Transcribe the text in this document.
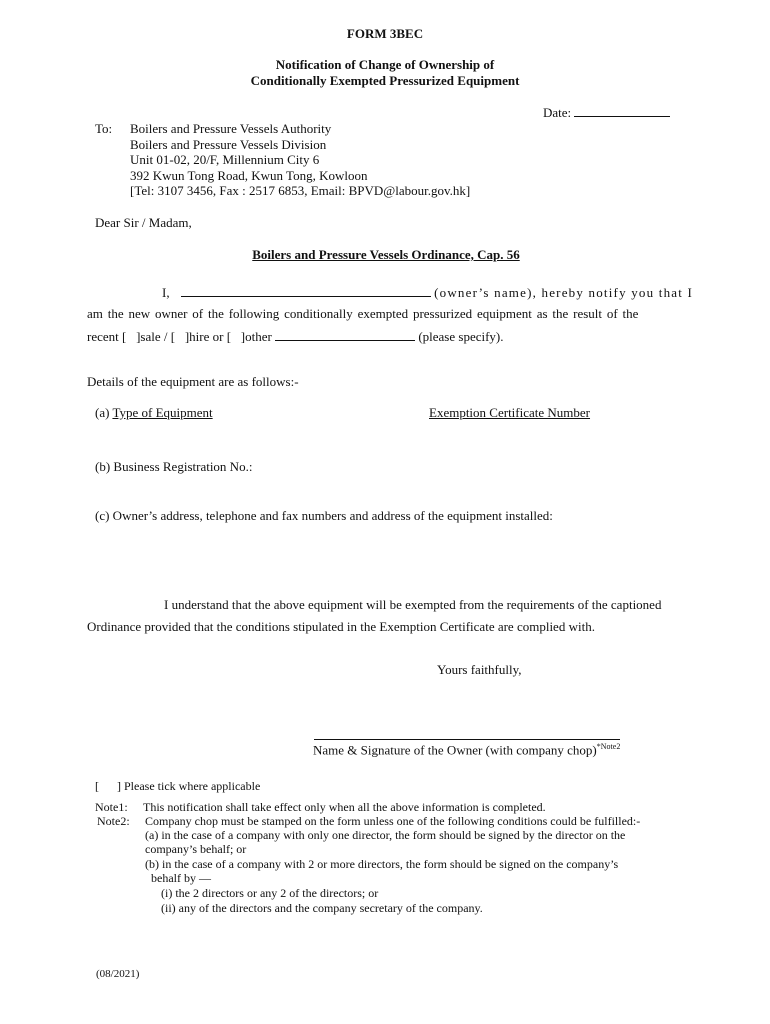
FORM 3BEC
Notification of Change of Ownership of
Conditionally Exempted Pressurized Equipment
Date:
To: Boilers and Pressure Vessels Authority
Boilers and Pressure Vessels Division
Unit 01-02, 20/F, Millennium City 6
392 Kwun Tong Road, Kwun Tong, Kowloon
[Tel: 3107 3456, Fax : 2517 6853, Email: BPVD@labour.gov.hk]
Dear Sir / Madam,
Boilers and Pressure Vessels Ordinance, Cap. 56
I,	(owner’s name), hereby notify you that I
am the new owner of the following conditionally exempted pressurized equipment as the result of the
recent [ ]sale / [ ]hire or [ ]other	(please specify).
Details of the equipment are as follows:-
(a) Type of Equipment	Exemption Certificate Number
(b) Business Registration No.:
(c) Owner’s address, telephone and fax numbers and address of the equipment installed:
I understand that the above equipment will be exempted from the requirements of the captioned
Ordinance provided that the conditions stipulated in the Exemption Certificate are complied with.
Yours faithfully,
Name & Signature of the Owner (with company chop)$^{*Note2}$
[ ] Please tick where applicable
Note1: This notification shall take effect only when all the above information is completed.
Note2: Company chop must be stamped on the form unless one of the following conditions could be fulfilled:-
(a) in the case of a company with only one director, the form should be signed by the director on the
company’s behalf; or
(b) in the case of a company with 2 or more directors, the form should be signed on the company’s
behalf by —
(i) the 2 directors or any 2 of the directors; or
(ii) any of the directors and the company secretary of the company.
(08/2021)
